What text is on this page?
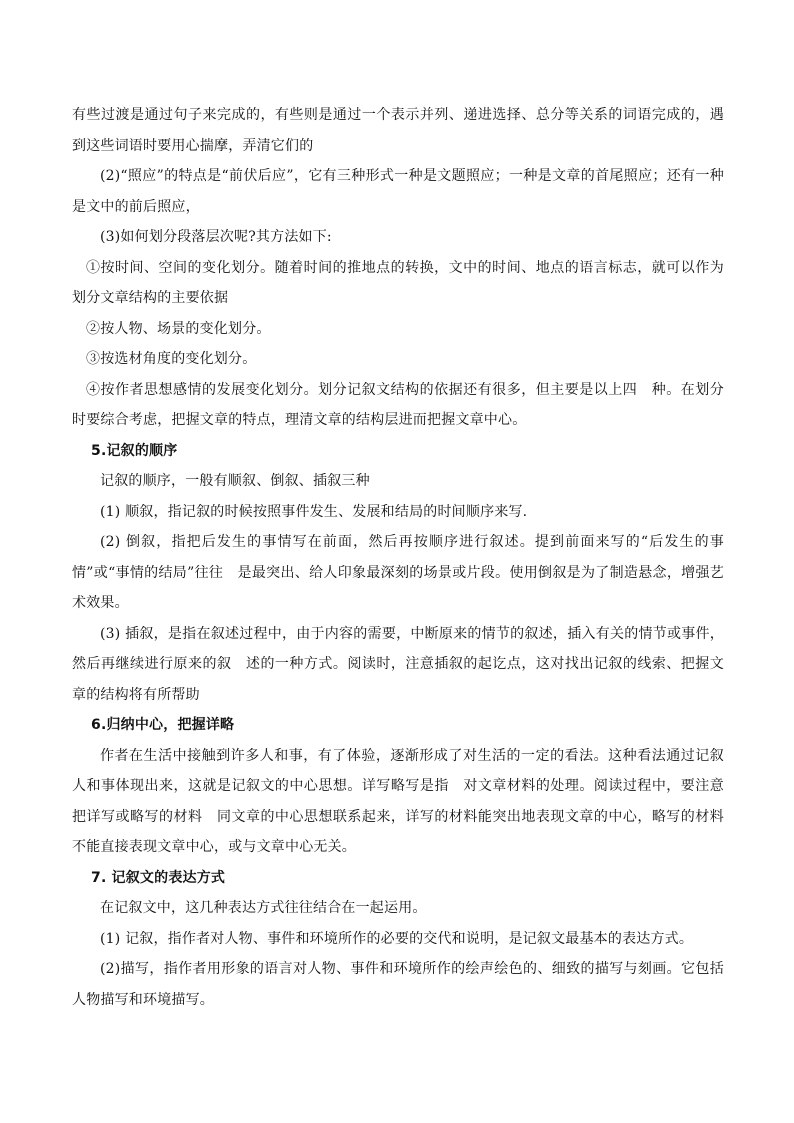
有些过渡是通过句子来完成的，有些则是通过一个表示并列、递进选择、总分等关系的词语完成的，遇到这些词语时要用心揣摩，弄清它们的

(2)“照应”的特点是“前伏后应”，它有三种形式一种是文题照应；一种是文章的首尾照应；还有一种是文中的前后照应，

(3)如何划分段落层次呢?其方法如下:

①按时间、空间的变化划分。随着时间的推地点的转换，文中的时间、地点的语言标志，就可以作为划分文章结构的主要依据

②按人物、场景的变化划分。

③按选材角度的变化划分。

④按作者思想感情的发展变化划分。划分记叙文结构的依据还有很多，但主要是以上四　种。在划分时要综合考虑，把握文章的特点，理清文章的结构层进而把握文章中心。

5.记叙的顺序

记叙的顺序，一般有顺叙、倒叙、插叙三种

(1) 顺叙，指记叙的时候按照事件发生、发展和结局的时间顺序来写.

(2) 倒叙，指把后发生的事情写在前面，然后再按顺序进行叙述。提到前面来写的“后发生的事情”或“事情的结局”往往　是最突出、给人印象最深刻的场景或片段。使用倒叙是为了制造悬念，增强艺术效果。

(3) 插叙，是指在叙述过程中，由于内容的需要，中断原来的情节的叙述，插入有关的情节或事件，然后再继续进行原来的叙　述的一种方式。阅读时，注意插叙的起讫点，这对找出记叙的线索、把握文章的结构将有所帮助

6.归纳中心，把握详略

作者在生活中接触到许多人和事，有了体验，逐渐形成了对生活的一定的看法。这种看法通过记叙人和事体现出来，这就是记叙文的中心思想。详写略写是指　对文章材料的处理。阅读过程中，要注意把详写或略写的材料　同文章的中心思想联系起来，详写的材料能突出地表现文章的中心，略写的材料不能直接表现文章中心，或与文章中心无关。

7. 记叙文的表达方式

在记叙文中，这几种表达方式往往结合在一起运用。

(1) 记叙，指作者对人物、事件和环境所作的必要的交代和说明，是记叙文最基本的表达方式。

(2)描写，指作者用形象的语言对人物、事件和环境所作的绘声绘色的、细致的描写与刻画。它包括人物描写和环境描写。
